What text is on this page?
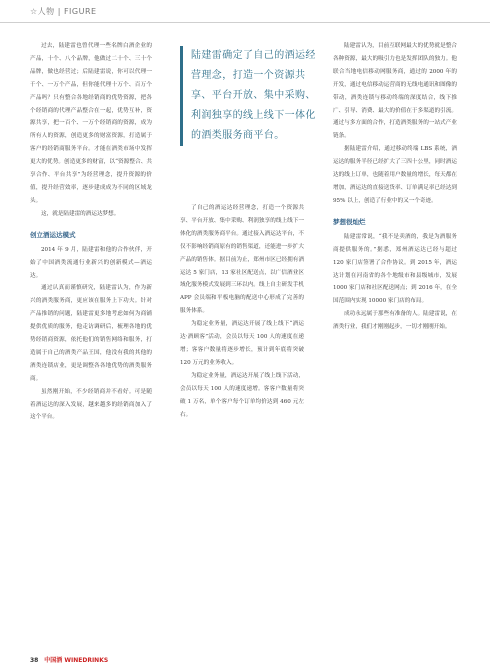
☆人物 | FIGURE

过去，陆建雷也曾代理一些名牌白酒企业的产品，十个、八个品牌，他做过二十个、三十个品牌，做也经营过；后陆建雷说，你可以代理一千个、一万个产品，但你能代理十万个、百万个产品吗？只有整合各地经销商的优势资源，把各个经销商的代理产品整合在一起，优势互补，资源共享，把一百个、一万个经销商的资源，成为所有人的资源，创造更多的财富资源，打造属于客户的经销商服务平台。才能在酒类市场中发挥更大的优势。创造更多的财富，以“资源整合、共享合作、平台共享”为经营理念，提升资源的价值，提升经营效率，逐步建成成为不同的区域龙头。

这，就是陆建雷的酒运达梦想。

创立酒运达模式

2014 年 9 月，陆建雷和他的合作伙伴，开始了中国酒类流通行业新兴的创新模式—酒运达。

通过认真而谨慎研究，陆建雷认为，作为新兴的酒类服务商，更应该在服务上下功夫。针对产品推销的问题，陆建雷更多地考虑如何为商铺提供优质的服务，他走访调研后，梳理各地的优势经销商资源，依托他们的销售网络和服务，打造属于自己的酒类产品王国，他没有我的其他的酒类连锁店业，更是调整各各地优势的酒类服务商。

虽然刚开始，不少经销商并不看好。可是随着酒运达的深入发展，越来越多的经销商加入了这个平台。

陆建雷确定了自己的酒运经营理念，打造一个资源共享、平台开放、集中采购、利润独享的线上线下一体化的酒类服务商平台。

了自己的酒运达经营理念，打造一个资源共享、平台开放、集中采购、利润独享的线上线下一体化的酒类服务商平台。通过接入酒运达平台，不仅不影响经销商原有的销售渠道，还能进一步扩大产品的销售体。据目前为止，郑州市区已经拥有酒运达 5 家门店，13 家社区配送点，以广信酒业区域化服务模式发展到三环以内。线上自主研发手机 APP 会员端和平板电脑的配送中心形成了完善的服务体系。

为稳定业务量，酒运达开展了线上线下“酒运达·酒顾客”活动，会员以每天 100 人的速度在递增；客客户数量将逐步增长，预计到年底将突破 120 万元的业务收入。

为稳定业务量，酒运达开展了线上线下活动，会员以每天 100 人的速度递增。客客户数量将突破 1 万名，单个客户每个订单均价达到 460 元左右。

陆建雷认为，目前互联网最大的优势就是整合各种资源，最大的吸引力也是发挥团队的独力。他联合当地电信移动网服务商，通过的 2000 年的开发，通过电信移动运营商的无线电通讯和图像的带动，酒类连锁与移动终端的深度结合，线下推广、引导、消费、最大的价值在于多渠道的引流。通过与多方面的合作，打造酒类服务的一站式产业链条。

据陆建雷介绍，通过移动终端 LBS 系统，酒运达的服务半径已经扩大了三四十公里，同时酒运达的线上订单，也随着用户数量的增长，每天都在增加，酒运达的直接送货率、订单满足率已经达到 95% 以上，创造了行业中的又一个奇迹。

梦想很灿烂

陆建雷常说，“我不是卖酒的，我是为酒服务商提供服务的。”据悉，郑州酒运达已经与超过 120 家门店签署了合作协议。到 2015 年，酒运达计划在河南省的各个地级市和县级城市，发展 1000 家门店和社区配送网点；到 2016 年，在全国范围内实现 10000 家门店的布局。

成功永远属于那些有准备的人。陆建雷说，在酒类行业，我们才刚刚起步，一切才刚刚开始。

38 中国酒 WINEDRINKS
